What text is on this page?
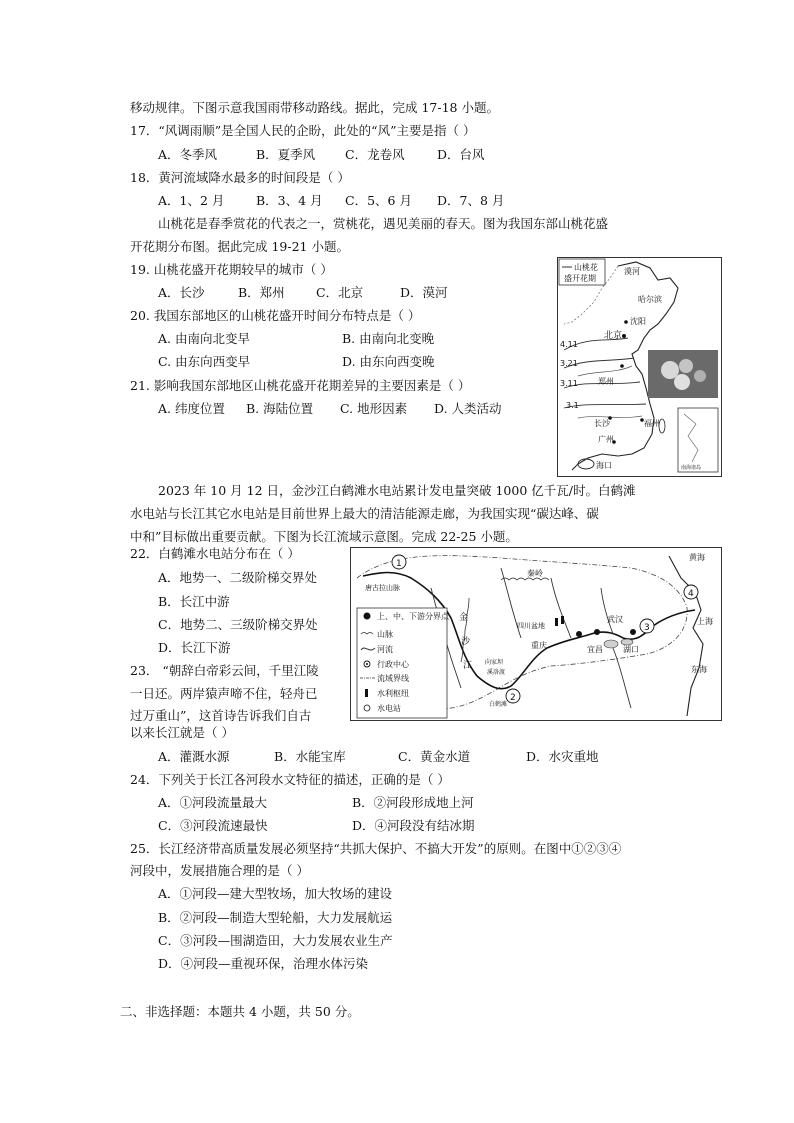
移动规律。下图示意我国雨带移动路线。据此，完成 17-18 小题。
17．“风调雨顺”是全国人民的企盼，此处的“风”主要是指（ ）
A．冬季风	B．夏季风 C．龙卷风	D．台风
18．黄河流域降水最多的时间段是（ ）
A．1、2 月	B．3、4 月 C．5、6 月 D．7、8 月
山桃花是春季赏花的代表之一，赏桃花，遇见美丽的春天。图为我国东部山桃花盛
开花期分布图。据此完成 19-21 小题。
19. 山桃花盛开花期较早的城市（ ）
A．长沙	B．郑州	C．北京	D．漠河
20. 我国东部地区的山桃花盛开时间分布特点是（ ）
A. 由南向北变早	B. 由南向北变晚
C. 由东向西变早	D. 由东向西变晚
21. 影响我国东部地区山桃花盛开花期差异的主要因素是（ ）
A. 纬度位置 B. 海陆位置 C. 地形因素 D. 人类活动
山桃花
盛开花期
南海诸岛
漠河
哈尔滨
沈阳
北京
郑州
长沙	福州
广州
海口
4.11
3.21
3.11
3.1
2023 年 10 月 12 日，金沙江白鹤滩水电站累计发电量突破 1000 亿千瓦/时。白鹤滩
水电站与长江其它水电站是目前世界上最大的清洁能源走廊，为我国实现“碳达峰、碳
中和”目标做出重要贡献。下图为长江流域示意图。完成 22-25 小题。
22．白鹤滩水电站分布在（ ）
A．地势一、二级阶梯交界处
B．长江中游
C．地势二、三级阶梯交界处
D．长江下游
23． “朝辞白帝彩云间，千里江陵
一日还。两岸猿声啼不住，轻舟已
过万重山”，这首诗告诉我们自古
以来长江就是（ ）
A．灌溉水源	B．水能宝库	C．黄金水道	D．水灾重地
1
2
3
4
上、中、下游分界点
山脉
河流
行政中心
流域界线
水利枢纽
水电站
黄海
东海
秦岭
四川盆地
重庆	宜昌
武汉
湖口
上海
金
沙
江
唐古拉山脉
向家坝
溪洛渡
白鹤滩
24．下列关于长江各河段水文特征的描述，正确的是（ ）
A．①河段流量最大	B．②河段形成地上河
C．③河段流速最快	D．④河段没有结冰期
25．长江经济带高质量发展必须坚持“共抓大保护、不搞大开发”的原则。在图中①②③④
河段中，发展措施合理的是（ ）
A．①河段—建大型牧场，加大牧场的建设
B．②河段—制造大型轮船，大力发展航运
C．③河段—围湖造田，大力发展农业生产
D．④河段—重视环保，治理水体污染
二、非选择题：本题共 4 小题，共 50 分。
